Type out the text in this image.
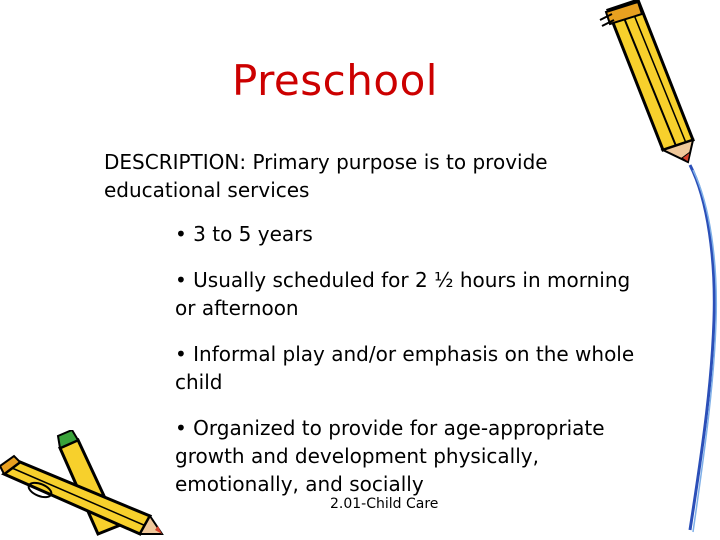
Preschool
DESCRIPTION: Primary purpose is to provide educational services
• 3 to 5 years
• Usually scheduled for 2 ½ hours in morning or afternoon
• Informal play and/or emphasis on the whole child
• Organized to provide for age-appropriate growth and development physically, emotionally, and socially
2.01-Child Care
